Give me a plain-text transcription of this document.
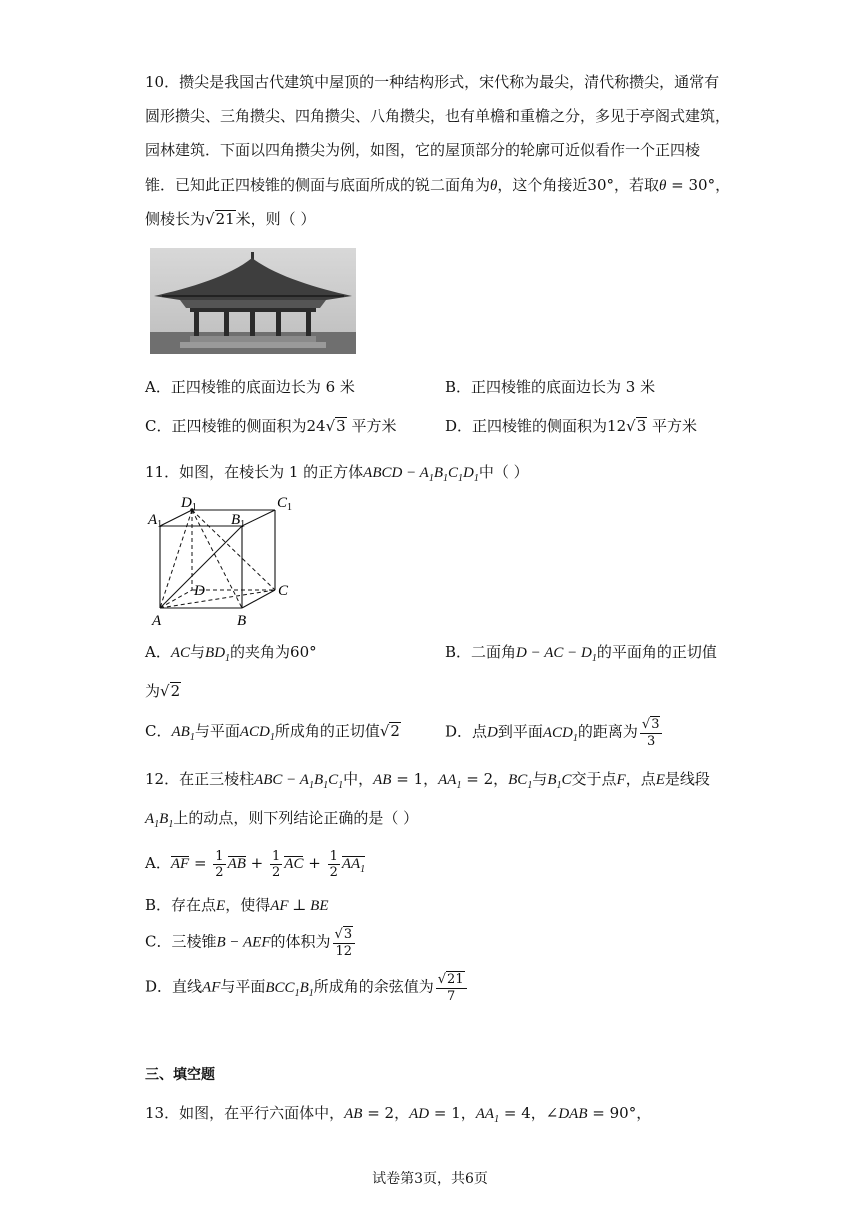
10．攒尖是我国古代建筑中屋顶的一种结构形式，宋代称为最尖，清代称攒尖，通常有
圆形攒尖、三角攒尖、四角攒尖、八角攒尖，也有单檐和重檐之分，多见于亭阁式建筑，
园林建筑．下面以四角攒尖为例，如图，它的屋顶部分的轮廓可近似看作一个正四棱
锥．已知此正四棱锥的侧面与底面所成的锐二面角为θ，这个角接近30°，若取θ = 30°，
侧棱长为√21米，则（ ）
A．正四棱锥的底面边长为 6 米	B．正四棱锥的底面边长为 3 米
C．正四棱锥的侧面积为24√3 平方米	D．正四棱锥的侧面积为12√3 平方米
11．如图，在棱长为 1 的正方体ABCD − $A_1B_1C_1D_1$中（ ）
$D_1$	$C_1$
$A_1$	$B_1$
D	C
A	B
A．AC与$BD_1$的夹角为60°	B．二面角D − AC − $D_1$的平面角的正切值
为√2
C．$AB_1$与平面$ACD_1$所成角的正切值√2	D．点D到平面$ACD_1$的距离为 $\frac{√3}{3}$
12．在正三棱柱ABC − $A_1B_1C_1$中，AB = 1，$AA_1 = 2$，$BC_1$与$B_1C$交于点F，点E是线段
$A_1B_1$上的动点，则下列结论正确的是（ ）
A．AF = $\frac{1}{2}$ AB + $\frac{1}{2}$ AC + $\frac{1}{2} AA_1$
B．存在点E，使得AF ⊥ BE
C．三棱锥B − AEF的体积为 $\frac{√3}{12}$
D．直线AF与平面$BCC_1B_1$所成角的余弦值为 $\frac{√21}{7}$
三、填空题
13．如图，在平行六面体中，AB = 2，AD = 1，$AA_1 = 4$，∠DAB = 90°，
试卷第3页，共6页
